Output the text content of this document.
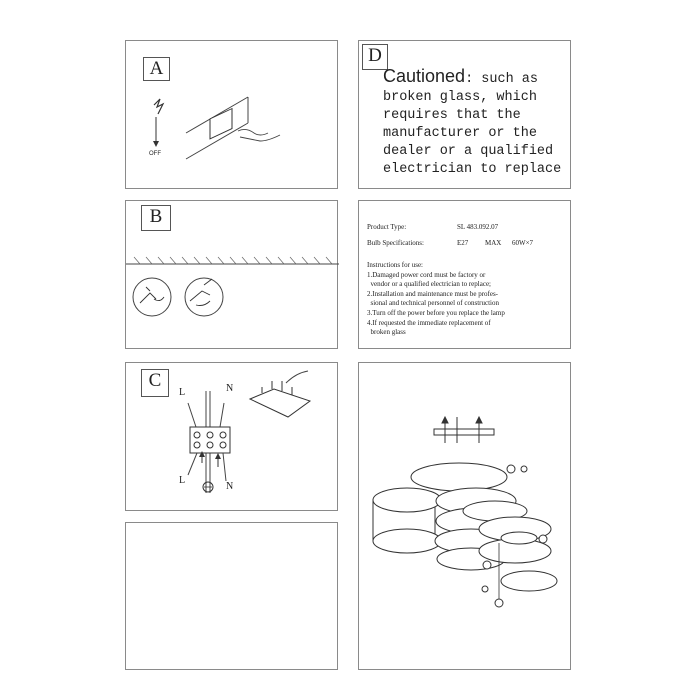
A
OFF
D
Cautioned: such as broken glass, which requires that the manufacturer or the dealer or a qualified electrician to replace
B	Product Type:	SL 483.092.07
Bulb Specifications:	E27 MAX 60W×7
Instructions for use:
1.Damaged power cord must be factory or
vendor or a qualified electrician to replace;
2.Installation and maintenance must be profes-
sional and technical personnel of construction
3.Turn off the power before you replace the lamp
4.If requested the immediate replacement of
broken glass
C
L	N
L
N
